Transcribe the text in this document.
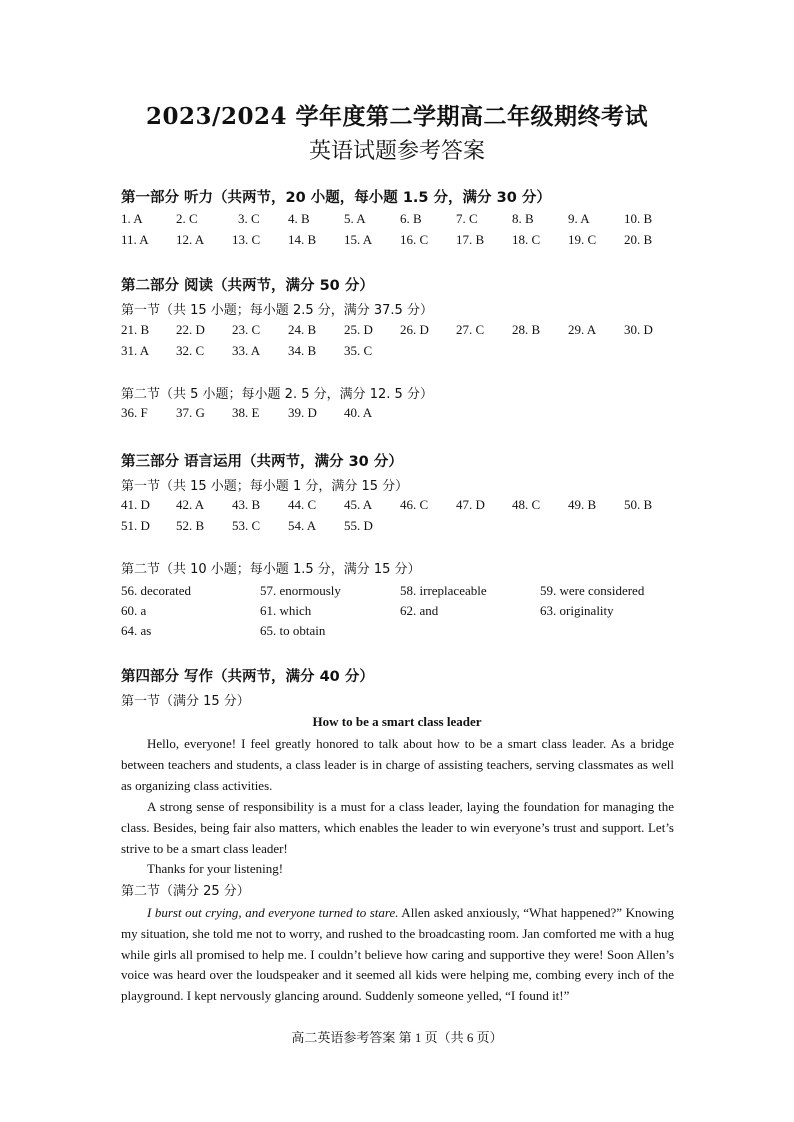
2023/2024 学年度第二学期高二年级期终考试
英语试题参考答案
第一部分 听力（共两节，20 小题，每小题 1.5 分，满分 30 分）
1. A	2. C	3. C 4. B	5. A	6. B	7. C	8. B	9. A	10. B
11. A 12. A 13. C 14. B 15. A 16. C 17. B 18. C 19. C 20. B
第二部分 阅读（共两节，满分 50 分）
第一节（共 15 小题；每小题 2.5 分，满分 37.5 分）
21. B 22. D 23. C 24. B 25. D 26. D 27. C 28. B 29. A 30. D
31. A 32. C 33. A 34. B 35. C
第二节（共 5 小题；每小题 2. 5 分，满分 12. 5 分）
36. F 37. G 38. E 39. D 40. A
第三部分 语言运用（共两节，满分 30 分）
第一节（共 15 小题；每小题 1 分，满分 15 分）
41. D 42. A 43. B 44. C 45. A 46. C 47. D 48. C 49. B 50. B
51. D 52. B 53. C 54. A 55. D
第二节（共 10 小题；每小题 1.5 分，满分 15 分）
56. decorated	57. enormously	58. irreplaceable	59. were considered
60. a	61. which	62. and	63. originality
64. as	65. to obtain
第四部分 写作（共两节，满分 40 分）
第一节（满分 15 分）
How to be a smart class leader

Hello, everyone! I feel greatly honored to talk about how to be a smart class leader. As a bridge between teachers and students, a class leader is in charge of assisting teachers, serving classmates as well as organizing class activities.

A strong sense of responsibility is a must for a class leader, laying the foundation for managing the class. Besides, being fair also matters, which enables the leader to win everyone’s trust and support. Let’s strive to be a smart class leader!

Thanks for your listening!

第二节（满分 25 分）

I burst out crying, and everyone turned to stare. Allen asked anxiously, “What happened?” Knowing my situation, she told me not to worry, and rushed to the broadcasting room. Jan comforted me with a hug while girls all promised to help me. I couldn’t believe how caring and supportive they were! Soon Allen’s voice was heard over the loudspeaker and it seemed all kids were helping me, combing every inch of the playground. I kept nervously glancing around. Suddenly someone yelled, “I found it!”

高二英语参考答案 第 1 页（共 6 页）
